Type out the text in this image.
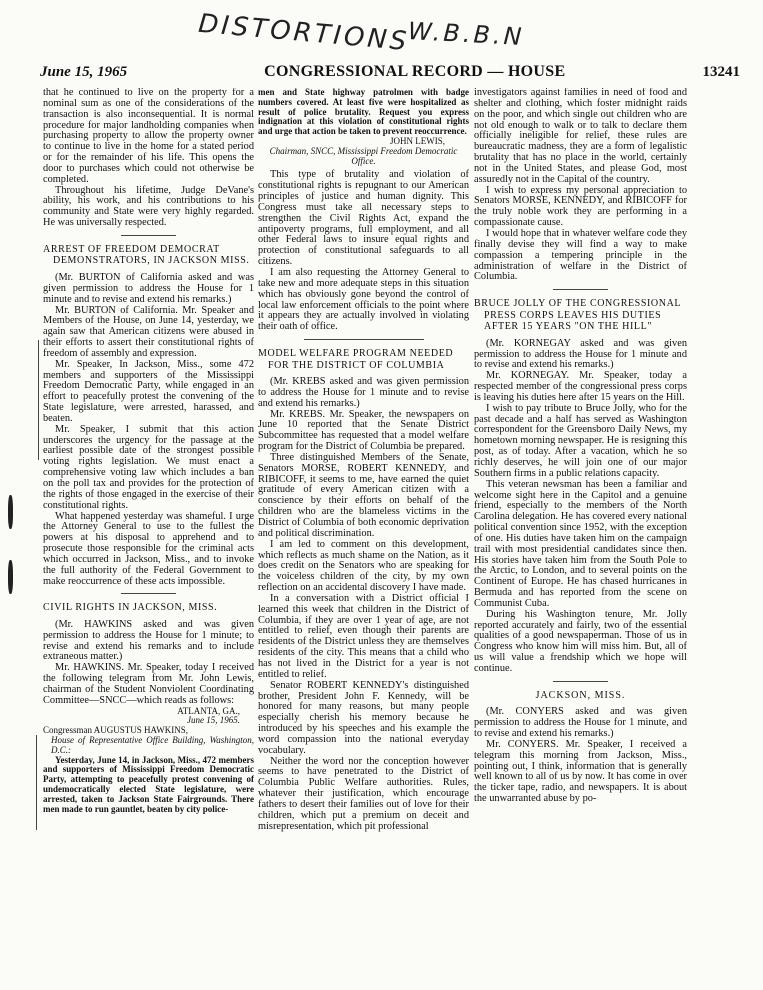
DISTORTIONS
W.B.B.N
June 15, 1965	CONGRESSIONAL RECORD — HOUSE	13241

that he continued to live on the property for a nominal sum as one of the considerations of the transaction is also inconsequential. It is normal procedure for major landholding companies when purchasing property to allow the property owner to continue to live in the home for a stated period or for the remainder of his life. This opens the door to purchases which could not otherwise be completed.

Throughout his lifetime, Judge DeVane's ability, his work, and his contributions to his community and State were very highly regarded. He was universally respected.

ARREST OF FREEDOM DEMOCRAT DEMONSTRATORS, IN JACKSON MISS.

(Mr. BURTON of California asked and was given permission to address the House for 1 minute and to revise and extend his remarks.)

Mr. BURTON of California. Mr. Speaker and Members of the House, on June 14, yesterday, we again saw that American citizens were abused in their efforts to assert their constitutional rights of freedom of assembly and expression.

Mr. Speaker, In Jackson, Miss., some 472 members and supporters of the Mississippi Freedom Democratic Party, while engaged in an effort to peacefully protest the convening of the State legislature, were arrested, harassed, and beaten.

Mr. Speaker, I submit that this action underscores the urgency for the passage at the earliest possible date of the strongest possible voting rights legislation. We must enact a comprehensive voting law which includes a ban on the poll tax and provides for the protection of the rights of those engaged in the exercise of their constitutional rights.

What happened yesterday was shameful. I urge the Attorney General to use to the fullest the powers at his disposal to apprehend and to prosecute those responsible for the criminal acts which occurred in Jackson, Miss., and to invoke the full authority of the Federal Government to make reoccurrence of these acts impossible.

CIVIL RIGHTS IN JACKSON, MISS.

(Mr. HAWKINS asked and was given permission to address the House for 1 minute; to revise and extend his remarks and to include extraneous matter.)

Mr. HAWKINS. Mr. Speaker, today I received the following telegram from Mr. John Lewis, chairman of the Student Nonviolent Coordinating Committee—SNCC—which reads as follows:

ATLANTA, GA.,
June 15, 1965.
Congressman AUGUSTUS HAWKINS,
House of Representative Office Building, Washington, D.C.:

Yesterday, June 14, in Jackson, Miss., 472 members and supporters of Mississippi Freedom Democratic Party, attempting to peacefully protest convening of undemocratically elected State legislature, were arrested, taken to Jackson State Fairgrounds. There men made to run gauntlet, beaten by city police-

men and State highway patrolmen with badge numbers covered. At least five were hospitalized as result of police brutality. Request you express indignation at this violation of constitutional rights and urge that action be taken to prevent reoccurrence.

JOHN LEWIS,
Chairman, SNCC, Mississippi Freedom Democratic Office.

This type of brutality and violation of constitutional rights is repugnant to our American principles of justice and human dignity. This Congress must take all necessary steps to strengthen the Civil Rights Act, expand the antipoverty programs, full employment, and all other Federal laws to insure equal rights and protection of constitutional safeguards to all citizens.

I am also requesting the Attorney General to take new and more adequate steps in this situation which has obviously gone beyond the control of local law enforcement officials to the point where it appears they are actually involved in violating their oath of office.

MODEL WELFARE PROGRAM NEEDED FOR THE DISTRICT OF COLUMBIA

(Mr. KREBS asked and was given permission to address the House for 1 minute and to revise and extend his remarks.)

Mr. KREBS. Mr. Speaker, the newspapers on June 10 reported that the Senate District Subcommittee has requested that a model welfare program for the District of Columbia be prepared.

Three distinguished Members of the Senate, Senators MORSE, ROBERT KENNEDY, and RIBICOFF, it seems to me, have earned the quiet gratitude of every American citizen with a conscience by their efforts on behalf of the children who are the blameless victims in the District of Columbia of both economic deprivation and political discrimination.

I am led to comment on this development, which reflects as much shame on the Nation, as it does credit on the Senators who are speaking for the voiceless children of the city, by my own reflection on an accidental discovery I have made.

In a conversation with a District official I learned this week that children in the District of Columbia, if they are over 1 year of age, are not entitled to relief, even though their parents are residents of the District unless they are themselves residents of the city. This means that a child who has not lived in the District for a year is not entitled to relief.

Senator ROBERT KENNEDY's distinguished brother, President John F. Kennedy, will be honored for many reasons, but many people especially cherish his memory because he introduced by his speeches and his example the word compassion into the national everyday vocabulary.

Neither the word nor the conception however seems to have penetrated to the District of Columbia Public Welfare authorities. Rules, whatever their justification, which encourage fathers to desert their families out of love for their children, which put a premium on deceit and misrepresentation, which pit professional

investigators against families in need of food and shelter and clothing, which foster midnight raids on the poor, and which single out children who are not old enough to walk or to talk to declare them officially ineligible for relief, these rules are bureaucratic madness, they are a form of legalistic brutality that has no place in the world, certainly not in the United States, and please God, most assuredly not in the Capital of the country.

I wish to express my personal appreciation to Senators MORSE, KENNEDY, and RIBICOFF for the truly noble work they are performing in a compassionate cause.

I would hope that in whatever welfare code they finally devise they will find a way to make compassion a tempering principle in the administration of welfare in the District of Columbia.

BRUCE JOLLY OF THE CONGRESSIONAL PRESS CORPS LEAVES HIS DUTIES AFTER 15 YEARS "ON THE HILL"

(Mr. KORNEGAY asked and was given permission to address the House for 1 minute and to revise and extend his remarks.)

Mr. KORNEGAY. Mr. Speaker, today a respected member of the congressional press corps is leaving his duties here after 15 years on the Hill.

I wish to pay tribute to Bruce Jolly, who for the past decade and a half has served as Washington correspondent for the Greensboro Daily News, my hometown morning newspaper. He is resigning this post, as of today. After a vacation, which he so richly deserves, he will join one of our major Southern firms in a public relations capacity.

This veteran newsman has been a familiar and welcome sight here in the Capitol and a genuine friend, especially to the members of the North Carolina delegation. He has covered every national political convention since 1952, with the exception of one. His duties have taken him on the campaign trail with most presidential candidates since then. His stories have taken him from the South Pole to the Arctic, to London, and to several points on the Continent of Europe. He has chased hurricanes in Bermuda and has reported from the scene on Communist Cuba.

During his Washington tenure, Mr. Jolly reported accurately and fairly, two of the essential qualities of a good newspaperman. Those of us in Congress who know him will miss him. But, all of us will value a frendship which we hope will continue.

JACKSON, MISS.

(Mr. CONYERS asked and was given permission to address the House for 1 minute, and to revise and extend his remarks.)

Mr. CONYERS. Mr. Speaker, I received a telegram this morning from Jackson, Miss., pointing out, I think, information that is generally well known to all of us by now. It has come in over the ticker tape, radio, and newspapers. It is about the unwarranted abuse by po-
